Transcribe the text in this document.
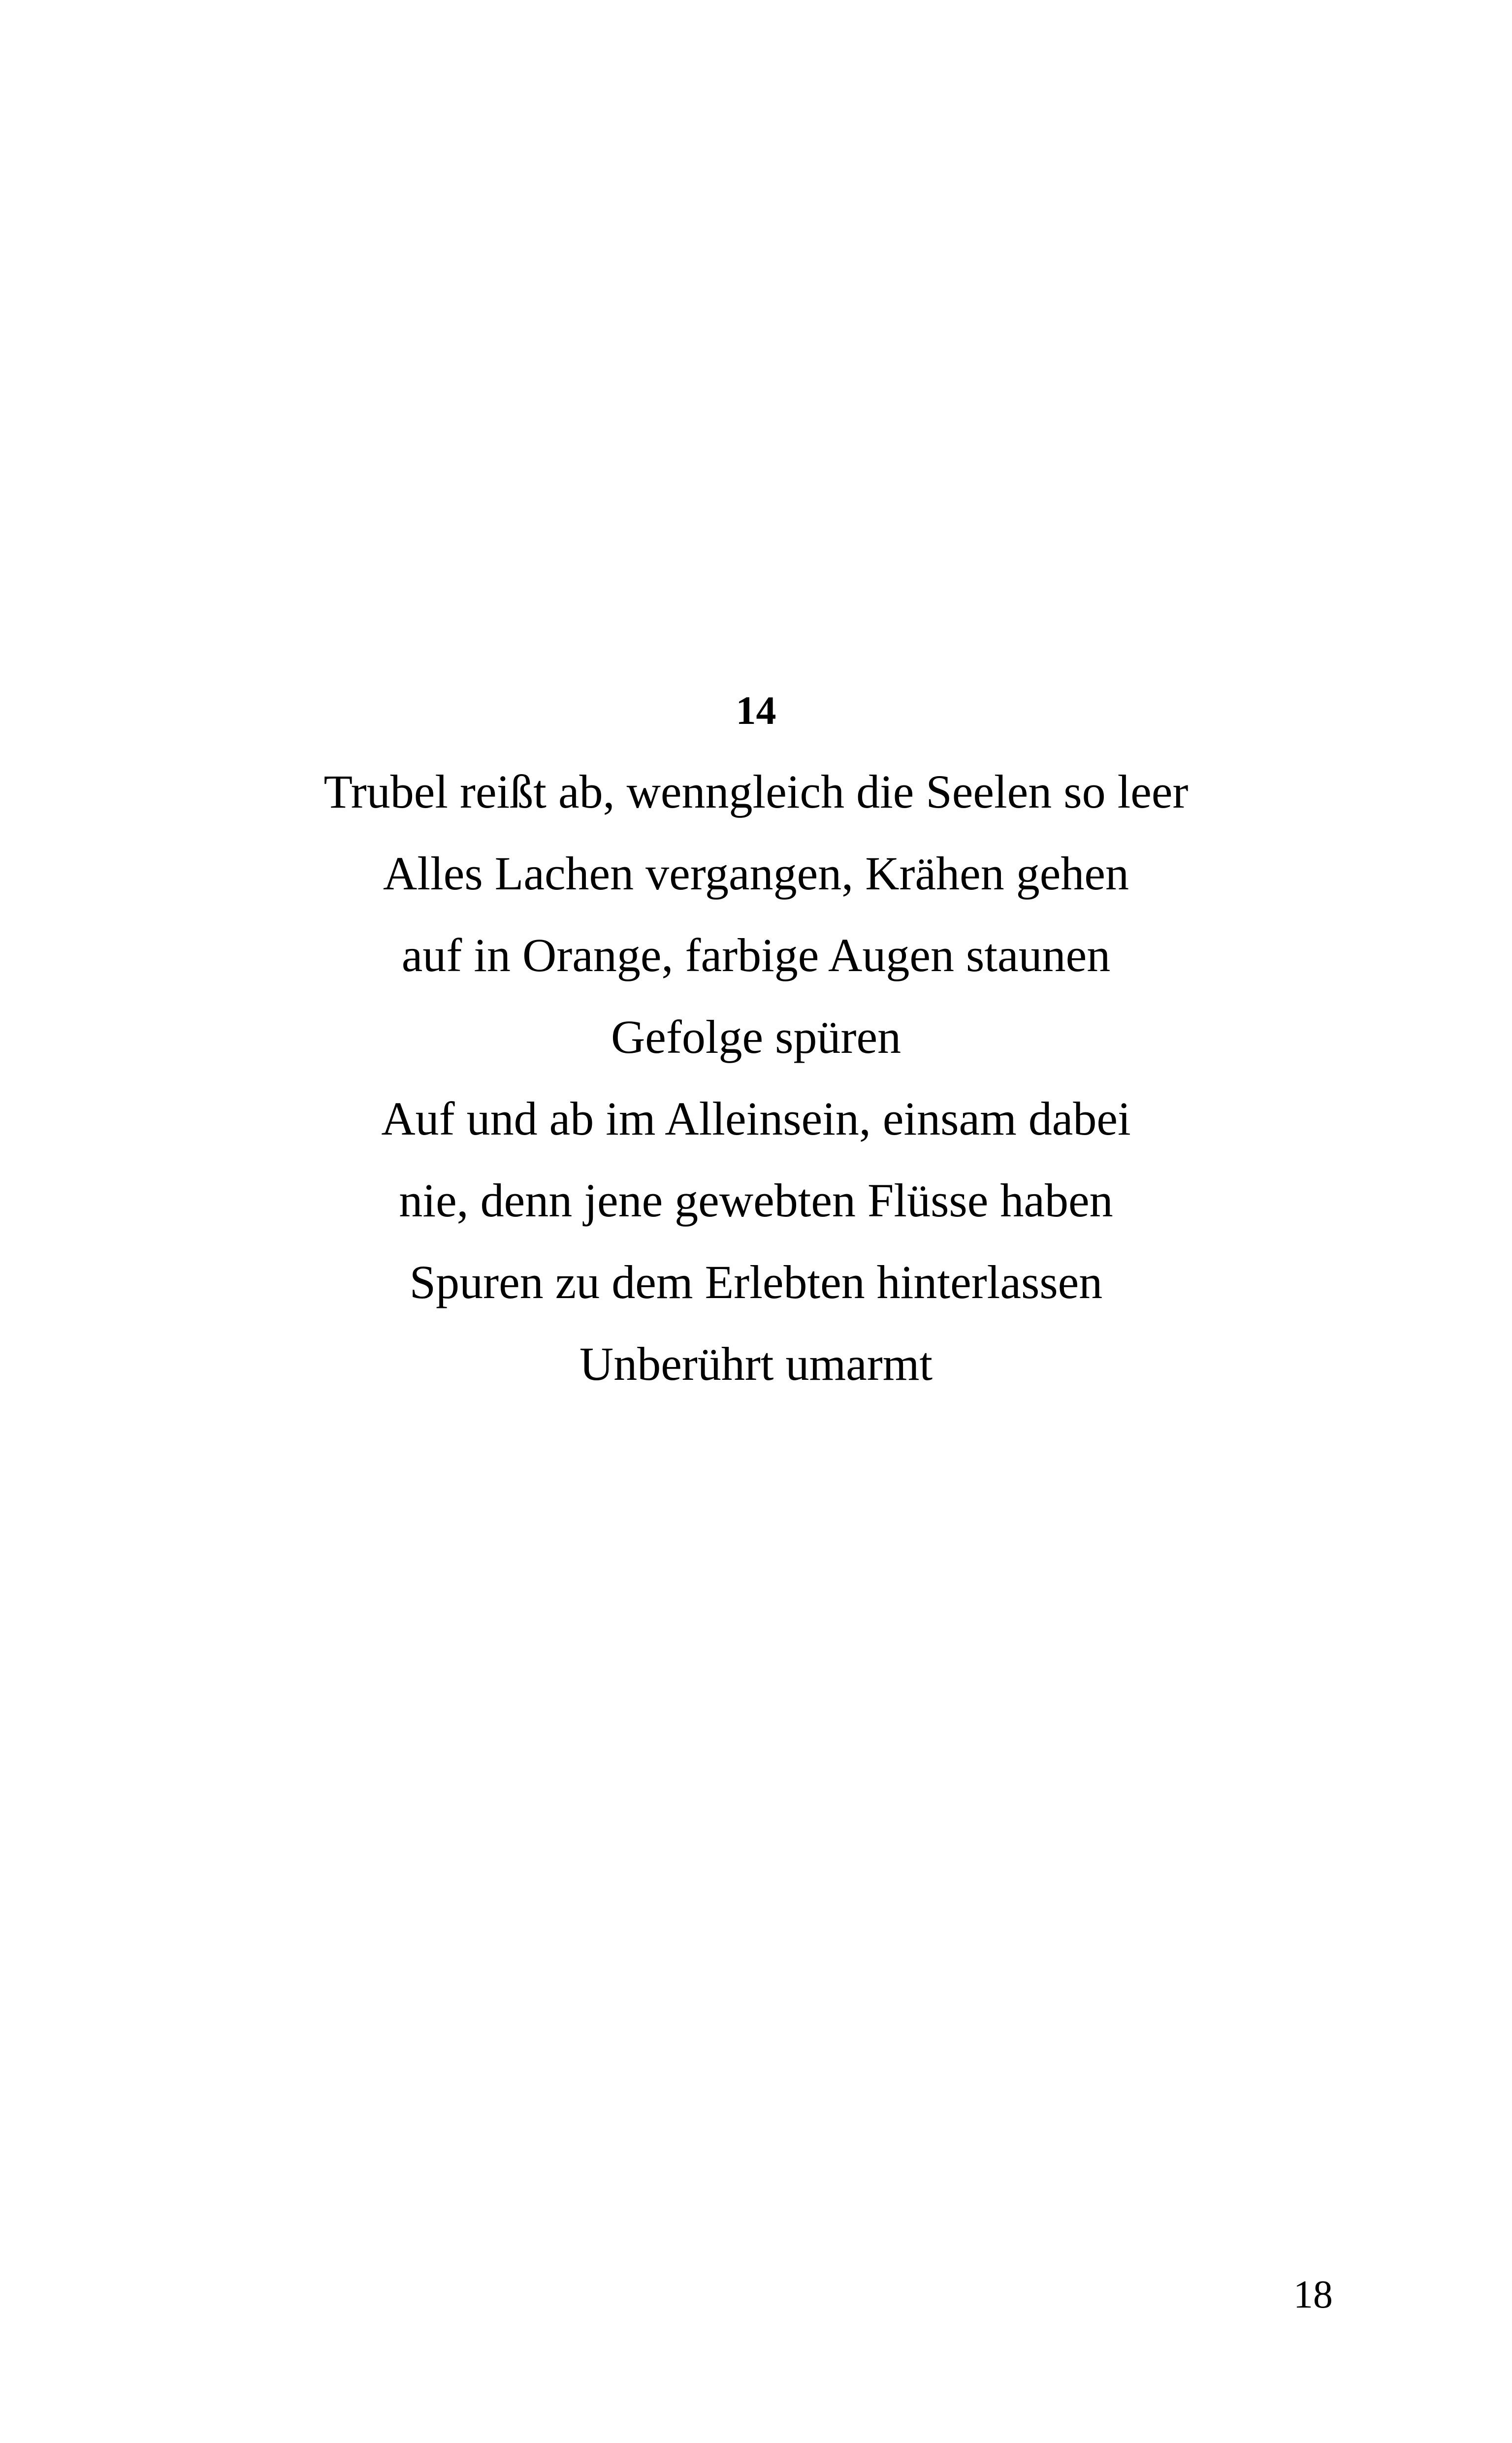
14
Trubel reißt ab, wenngleich die Seelen so leer
Alles Lachen vergangen, Krähen gehen
auf in Orange, farbige Augen staunen
Gefolge spüren
Auf und ab im Alleinsein, einsam dabei
nie, denn jene gewebten Flüsse haben
Spuren zu dem Erlebten hinterlassen
Unberührt umarmt
18
